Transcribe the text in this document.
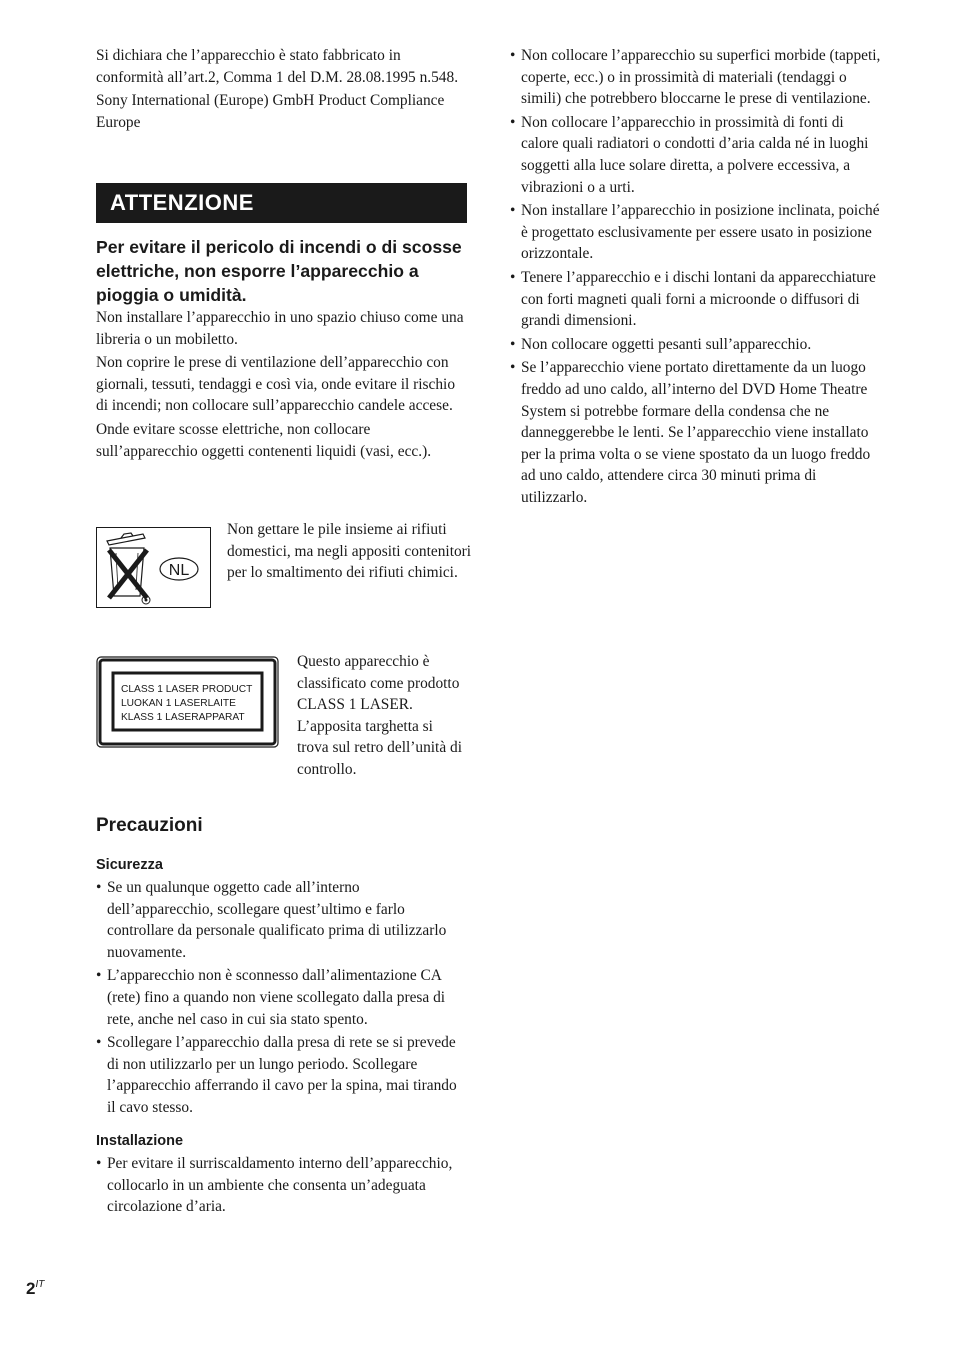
Si dichiara che l’apparecchio è stato fabbricato in conformità all’art.2, Comma 1 del D.M. 28.08.1995 n.548.

Sony International (Europe) GmbH Product Compliance Europe

ATTENZIONE
Per evitare il pericolo di incendi o di scosse elettriche, non esporre l’apparecchio a pioggia o umidità.

Non installare l’apparecchio in uno spazio chiuso come una libreria o un mobiletto.

Non coprire le prese di ventilazione dell’apparecchio con giornali, tessuti, tendaggi e così via, onde evitare il rischio di incendi; non collocare sull’apparecchio candele accese.

Onde evitare scosse elettriche, non collocare sull’apparecchio oggetti contenenti liquidi (vasi, ecc.).

NL

Non gettare le pile insieme ai rifiuti domestici, ma negli appositi contenitori per lo smaltimento dei rifiuti chimici.

CLASS 1 LASER PRODUCT
LUOKAN 1 LASERLAITE
KLASS 1 LASERAPPARAT

Questo apparecchio è classificato come prodotto CLASS 1 LASER. L’apposita targhetta si trova sul retro dell’unità di controllo.

Precauzioni
Sicurezza
• Se un qualunque oggetto cade all’interno dell’apparecchio, scollegare quest’ultimo e farlo controllare da personale qualificato prima di utilizzarlo nuovamente.
• L’apparecchio non è sconnesso dall’alimentazione CA (rete) fino a quando non viene scollegato dalla presa di rete, anche nel caso in cui sia stato spento.
• Scollegare l’apparecchio dalla presa di rete se si prevede di non utilizzarlo per un lungo periodo. Scollegare l’apparecchio afferrando il cavo per la spina, mai tirando il cavo stesso.
Installazione
• Per evitare il surriscaldamento interno dell’apparecchio, collocarlo in un ambiente che consenta un’adeguata circolazione d’aria.
• Non collocare l’apparecchio su superfici morbide (tappeti, coperte, ecc.) o in prossimità di materiali (tendaggi o simili) che potrebbero bloccarne le prese di ventilazione.
• Non collocare l’apparecchio in prossimità di fonti di calore quali radiatori o condotti d’aria calda né in luoghi soggetti alla luce solare diretta, a polvere eccessiva, a vibrazioni o a urti.
• Non installare l’apparecchio in posizione inclinata, poiché è progettato esclusivamente per essere usato in posizione orizzontale.
• Tenere l’apparecchio e i dischi lontani da apparecchiature con forti magneti quali forni a microonde o diffusori di grandi dimensioni.
• Non collocare oggetti pesanti sull’apparecchio.
• Se l’apparecchio viene portato direttamente da un luogo freddo ad uno caldo, all’interno del DVD Home Theatre System si potrebbe formare della condensa che ne danneggerebbe le lenti. Se l’apparecchio viene installato per la prima volta o se viene spostato da un luogo freddo ad uno caldo, attendere circa 30 minuti prima di utilizzarlo.
$2^{IT}$
